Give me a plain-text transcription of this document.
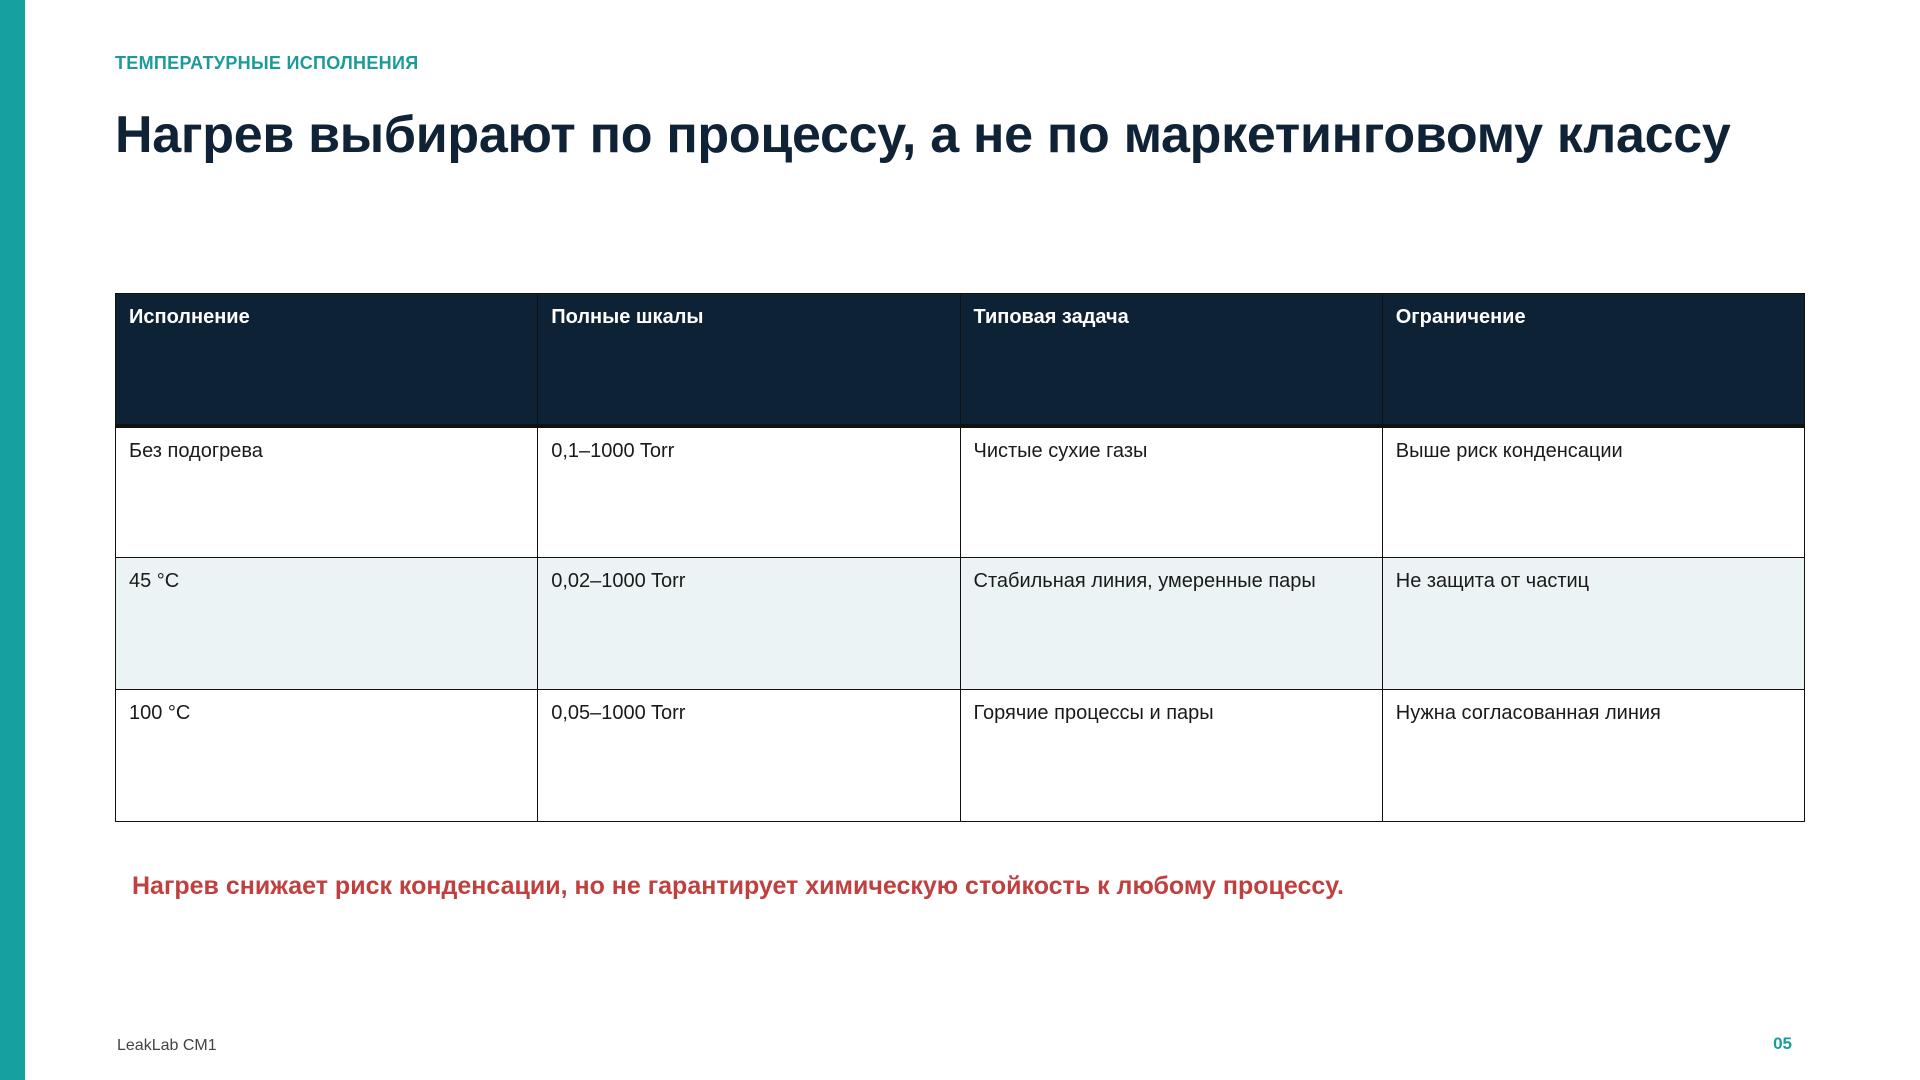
ТЕМПЕРАТУРНЫЕ ИСПОЛНЕНИЯ
Нагрев выбирают по процессу, а не по маркетинговому классу
Исполнение	Полные шкалы	Типовая задача	Ограничение
Без подогрева	0,1–1000 Torr	Чистые сухие газы	Выше риск конденсации
45 °C	0,02–1000 Torr	Стабильная линия, умеренные пары	Не защита от частиц
100 °C	0,05–1000 Torr	Горячие процессы и пары	Нужна согласованная линия
Нагрев снижает риск конденсации, но не гарантирует химическую стойкость к любому процессу.
LeakLab CM1	05
